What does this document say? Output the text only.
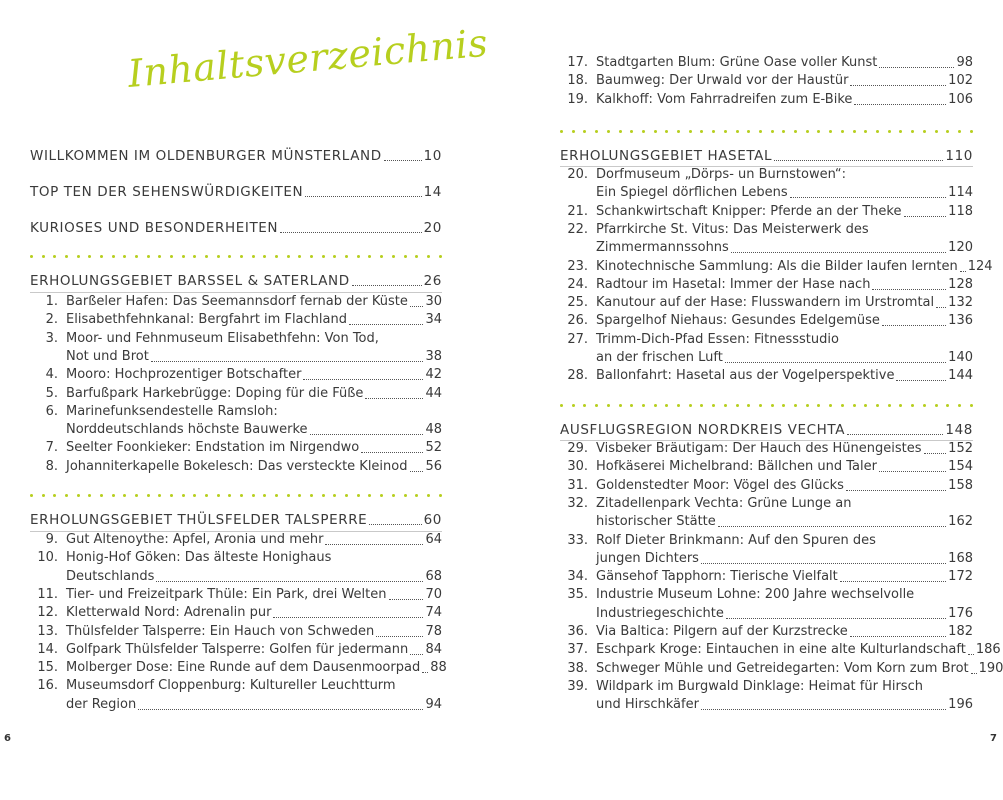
Inhaltsverzeichnis
WILLKOMMEN IM OLDENBURGER MÜNSTERLAND	10
TOP TEN DER SEHENSWÜRDIGKEITEN	14
KURIOSES UND BESONDERHEITEN	20
ERHOLUNGSGEBIET BARSSEL & SATERLAND	26
1. Barßeler Hafen: Das Seemannsdorf fernab der Küste 30
2. Elisabethfehnkanal: Bergfahrt im Flachland	34
3. Moor- und Fehnmuseum Elisabethfehn: Von Tod,
Not und Brot	38
4. Mooro: Hochprozentiger Botschafter	42
5. Barfußpark Harkebrügge: Doping für die Füße	44
6. Marinefunksendestelle Ramsloh:
Norddeutschlands höchste Bauwerke	48
7. Seelter Foonkieker: Endstation im Nirgendwo	52
8. Johanniterkapelle Bokelesch: Das versteckte Kleinod 56
ERHOLUNGSGEBIET THÜLSFELDER TALSPERRE	60
9. Gut Altenoythe: Apfel, Aronia und mehr	64
10. Honig-Hof Göken: Das älteste Honighaus
Deutschlands	68
11. Tier- und Freizeitpark Thüle: Ein Park, drei Welten	70
12. Kletterwald Nord: Adrenalin pur	74
13. Thülsfelder Talsperre: Ein Hauch von Schweden	78
14. Golfpark Thülsfelder Talsperre: Golfen für jedermann 84
15. Molberger Dose: Eine Runde auf dem Dausenmoorpad 88
16. Museumsdorf Cloppenburg: Kultureller Leuchtturm
der Region	94
17. Stadtgarten Blum: Grüne Oase voller Kunst	98
18. Baumweg: Der Urwald vor der Haustür	102
19. Kalkhoff: Vom Fahrradreifen zum E-Bike	106
ERHOLUNGSGEBIET HASETAL	110
20. Dorfmuseum „Dörps- un Burnstowen“:
Ein Spiegel dörflichen Lebens	114
21. Schankwirtschaft Knipper: Pferde an der Theke	118
22. Pfarrkirche St. Vitus: Das Meisterwerk des
Zimmermannssohns	120
23. Kinotechnische Sammlung: Als die Bilder laufen lernten 124
24. Radtour im Hasetal: Immer der Hase nach	128
25. Kanutour auf der Hase: Flusswandern im Urstromtal 132
26. Spargelhof Niehaus: Gesundes Edelgemüse	136
27. Trimm-Dich-Pfad Essen: Fitnessstudio
an der frischen Luft	140
28. Ballonfahrt: Hasetal aus der Vogelperspektive	144
AUSFLUGSREGION NORDKREIS VECHTA	148
29. Visbeker Bräutigam: Der Hauch des Hünengeistes 152
30. Hofkäserei Michelbrand: Bällchen und Taler	154
31. Goldenstedter Moor: Vögel des Glücks	158
32. Zitadellenpark Vechta: Grüne Lunge an
historischer Stätte	162
33. Rolf Dieter Brinkmann: Auf den Spuren des
jungen Dichters	168
34. Gänsehof Tapphorn: Tierische Vielfalt	172
35. Industrie Museum Lohne: 200 Jahre wechselvolle
Industriegeschichte	176
36. Via Baltica: Pilgern auf der Kurzstrecke	182
37. Eschpark Kroge: Eintauchen in eine alte Kulturlandschaft 186
38. Schweger Mühle und Getreidegarten: Vom Korn zum Brot 190
39. Wildpark im Burgwald Dinklage: Heimat für Hirsch
und Hirschkäfer	196
6	7
